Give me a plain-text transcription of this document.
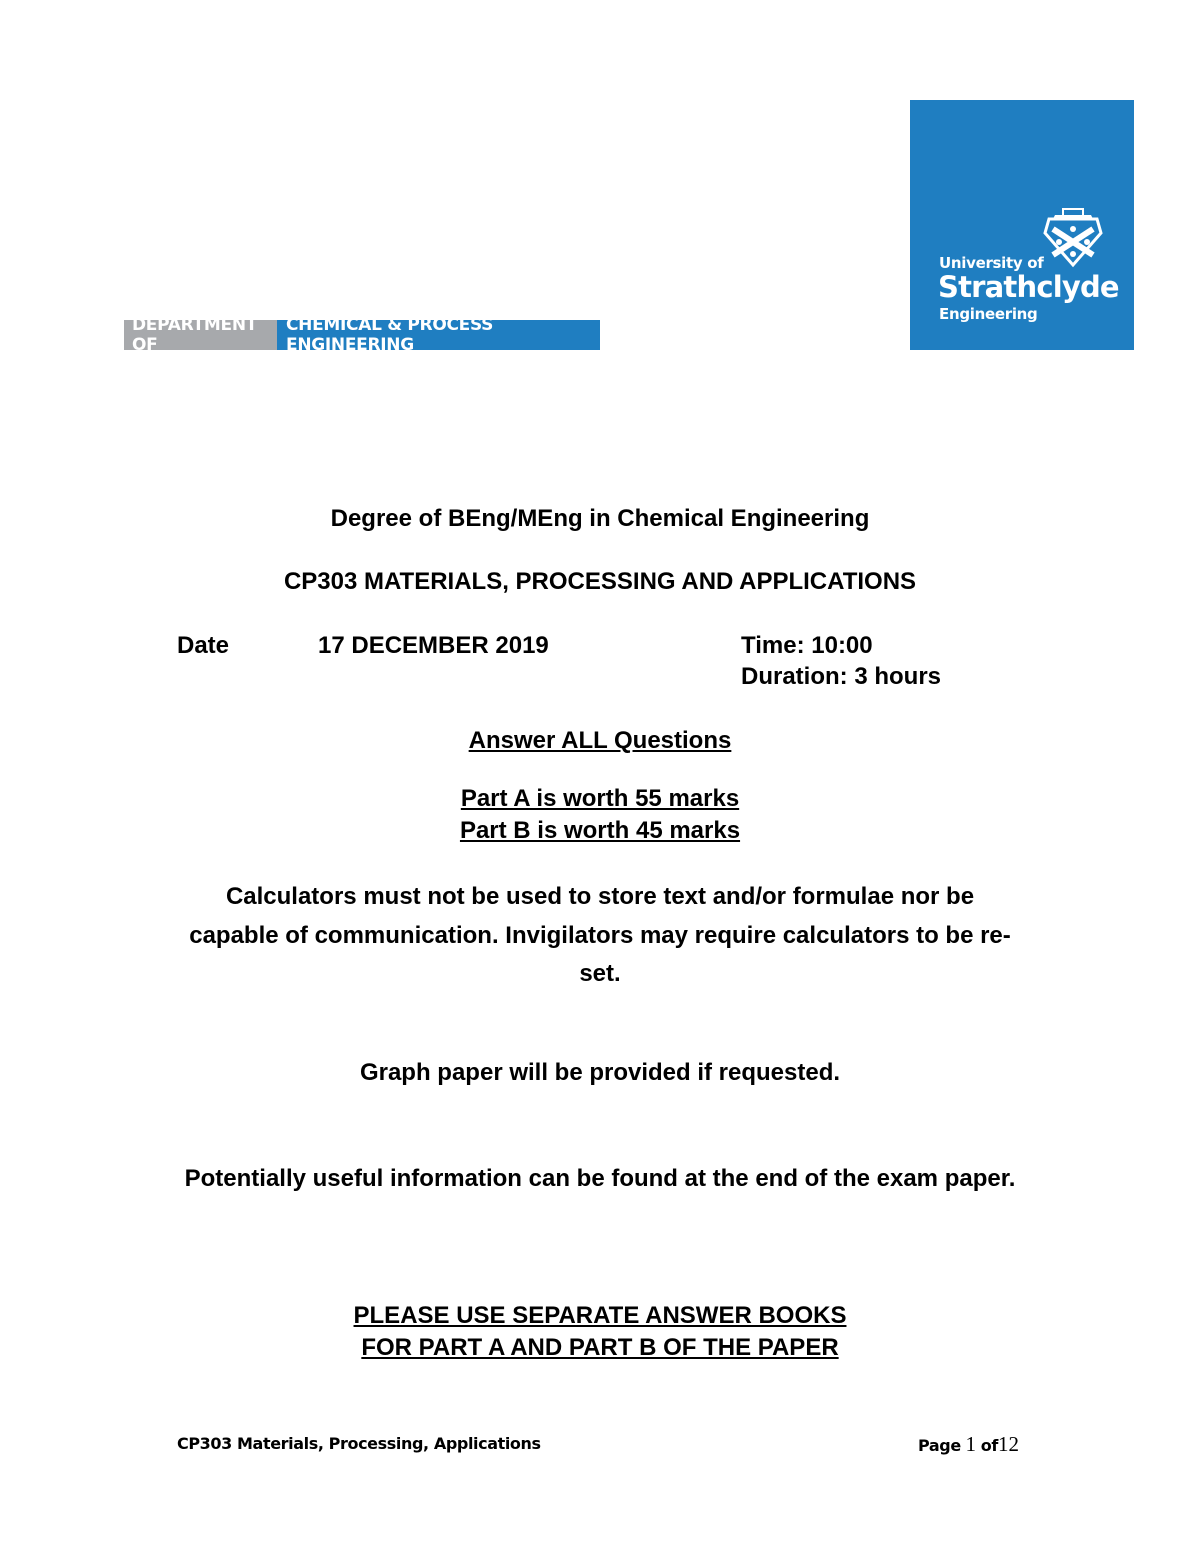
DEPARTMENT OF
CHEMICAL & PROCESS ENGINEERING
University of
Strathclyde
Engineering
Degree of BEng/MEng in Chemical Engineering
CP303 MATERIALS, PROCESSING AND APPLICATIONS
Date	17 DECEMBER 2019	Time: 10:00
Duration: 3 hours
Answer ALL Questions
Part A is worth 55 marks
Part B is worth 45 marks
Calculators must not be used to store text and/or formulae nor be capable of communication. Invigilators may require calculators to be re-set.
Graph paper will be provided if requested.
Potentially useful information can be found at the end of the exam paper.
PLEASE USE SEPARATE ANSWER BOOKS
FOR PART A AND PART B OF THE PAPER
CP303 Materials, Processing, Applications	Page 1 of12
